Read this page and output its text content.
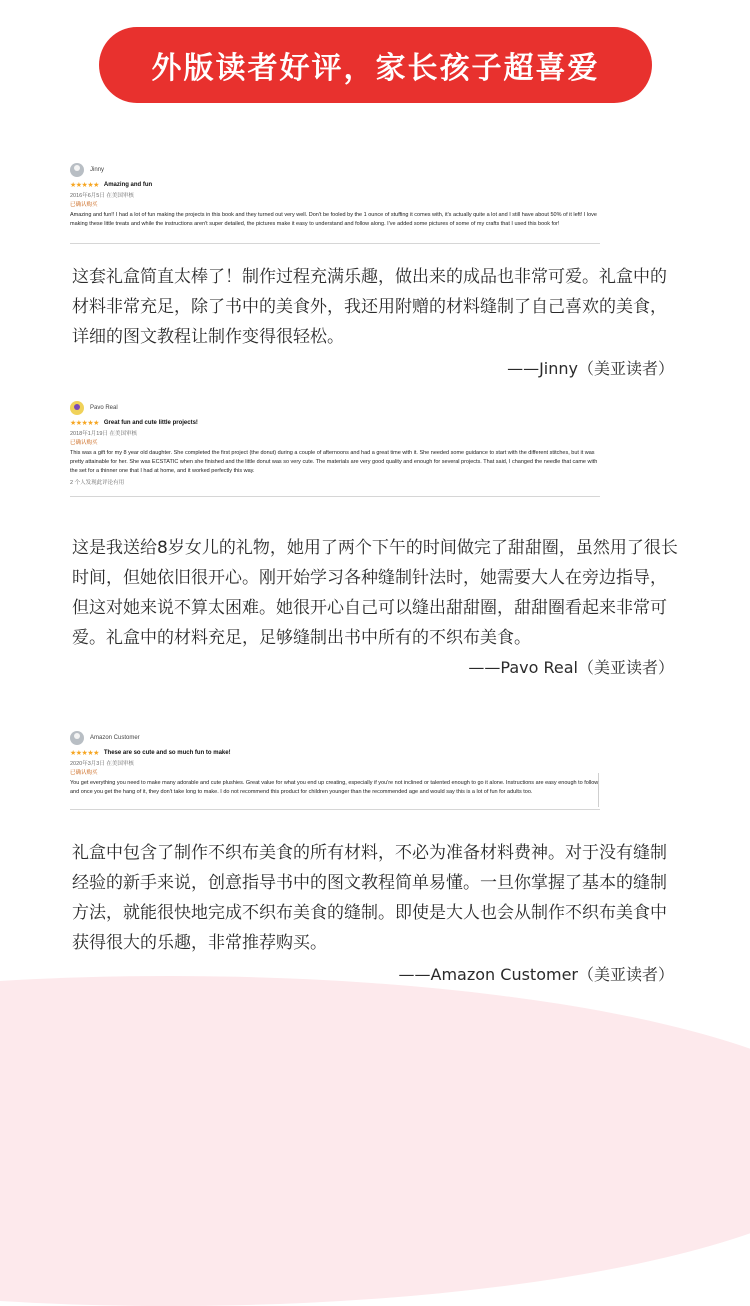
外版读者好评，家长孩子超喜爱
Jinny
★★★★★ Amazing and fun
2016年6月5日 在美国审核
已确认购买
Amazing and fun!! I had a lot of fun making the projects in this book and they turned out very well. Don't be fooled by the 1 ounce of stuffing it comes with, it's actually quite a lot and I still have about 50% of it left! I love making these little treats and while the instructions aren't super detailed, the pictures make it easy to understand and follow along. I've added some pictures of some of my crafts that I used this book for!

这套礼盒简直太棒了！制作过程充满乐趣，做出来的成品也非常可爱。礼盒中的材料非常充足，除了书中的美食外，我还用附赠的材料缝制了自己喜欢的美食，详细的图文教程让制作变得很轻松。

——Jinny（美亚读者）
Pavo Real
★★★★★ Great fun and cute little projects!
2018年1月19日 在美国审核
已确认购买
This was a gift for my 8 year old daughter. She completed the first project (the donut) during a couple of afternoons and had a great time with it. She needed some guidance to start with the different stitches, but it was pretty attainable for her. She was ECSTATIC when she finished and the little donut was so very cute. The materials are very good quality and enough for several projects. That said, I changed the needle that came with the set for a thinner one that I had at home, and it worked perfectly this way.
2 个人发现此评论有用

这是我送给8岁女儿的礼物，她用了两个下午的时间做完了甜甜圈，虽然用了很长时间，但她依旧很开心。刚开始学习各种缝制针法时，她需要大人在旁边指导，但这对她来说不算太困难。她很开心自己可以缝出甜甜圈，甜甜圈看起来非常可爱。礼盒中的材料充足，足够缝制出书中所有的不织布美食。

——Pavo Real（美亚读者）
Amazon Customer
★★★★★ These are so cute and so much fun to make!
2020年3月3日 在美国审核
已确认购买
You get everything you need to make many adorable and cute plushies. Great value for what you end up creating, especially if you're not inclined or talented enough to go it alone. Instructions are easy enough to follow and once you get the hang of it, they don't take long to make. I do not recommend this product for children younger than the recommended age and would say this is a lot of fun for adults too.

礼盒中包含了制作不织布美食的所有材料，不必为准备材料费神。对于没有缝制经验的新手来说，创意指导书中的图文教程简单易懂。一旦你掌握了基本的缝制方法，就能很快地完成不织布美食的缝制。即使是大人也会从制作不织布美食中获得很大的乐趣，非常推荐购买。

——Amazon Customer（美亚读者）
